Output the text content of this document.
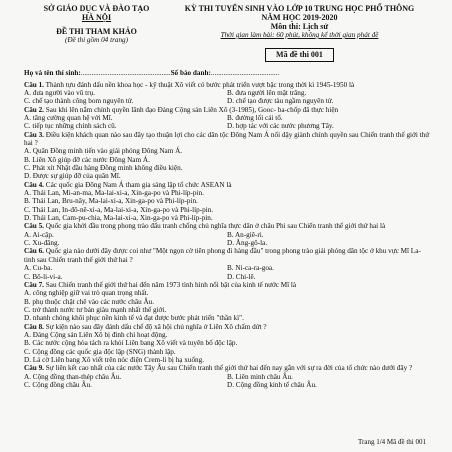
SỞ GIÁO DỤC VÀ ĐÀO TẠO
HÀ NỘI
ĐỀ THI THAM KHẢO
(Đề thi gồm 04 trang)
KỲ THI TUYỂN SINH VÀO LỚP 10 TRUNG HỌC PHỔ THÔNG
NĂM HỌC 2019-2020
Môn thi: Lịch sử
Thời gian làm bài: 60 phút, không kể thời gian phát đề
Mã đề thi 001
Họ và tên thí sinh: .................................................. Số báo danh: ......................................
Câu 1. Thành tựu đánh dấu nền khoa học - kỹ thuật Xô viết có bước phát triển vượt bậc trong thời kì 1945-1950 là
A. đưa người vào vũ trụ.	B. đưa người lên mặt trăng.
C. chế tạo thành công bom nguyên tử.	D. chế tạo được tàu ngầm nguyên tử.
Câu 2. Sau khi lên nắm chính quyền lãnh đạo Đảng Cộng sản Liên Xô (3-1985), Gooc- ba-chốp đã thực hiện
A. tăng cường quan hệ với Mĩ.	B. đường lối cải tổ.
C. tiếp tục những chính sách cũ.	D. hợp tác với các nước phương Tây.
Câu 3. Điều kiện khách quan nào sau đây tạo thuận lợi cho các dân tộc Đông Nam Á nổi dậy giành chính quyền sau Chiến tranh thế giới thứ hai ?
A. Quân Đồng minh tiến vào giải phóng Đông Nam Á.
B. Liên Xô giúp đỡ các nước Đông Nam Á.
C. Phát xít Nhật đầu hàng Đồng minh không điều kiện.
D. Được sự giúp đỡ của quân Mĩ.
Câu 4. Các quốc gia Đông Nam Á tham gia sáng lập tổ chức ASEAN là
A. Thái Lan, Mi-an-ma, Ma-lai-xi-a, Xin-ga-po và Phi-líp-pin.
B. Thái Lan, Bru-nây, Ma-lai-xi-a, Xin-ga-po và Phi-líp-pin.
C. Thái Lan, In-đô-nê-xi-a, Ma-lai-xi-a, Xin-ga-po và Phi-líp-pin.
D. Thái Lan, Cam-pu-chia, Ma-lai-xi-a, Xin-ga-po và Phi-líp-pin.
Câu 5. Quốc gia khởi đầu trong phong trào đấu tranh chống chủ nghĩa thực dân ở châu Phi sau Chiến tranh thế giới thứ hai là
A. Ai-cập.	B. An-giê-ri.
C. Xu-đăng.	D. Ăng-gô-la.
Câu 6. Quốc gia nào dưới đây được coi như "Một ngọn cờ tiên phong đi hàng đầu" trong phong trào giải phóng dân tộc ở khu vực Mĩ La-tinh sau Chiến tranh thế giới thứ hai ?
A. Cu-ba.	B. Ni-ca-ra-goa.
C. Bô-li-vi-a.	D. Chi-lê.
Câu 7. Sau Chiến tranh thế giới thứ hai đến năm 1973 tình hình nổi bật của kinh tế nước Mĩ là
A. công nghiệp giữ vai trò quan trọng nhất.
B. phụ thuộc chặt chẽ vào các nước châu Âu.
C. trở thành nước tư bản giàu mạnh nhất thế giới.
D. nhanh chóng khôi phục nền kinh tế và đạt được bước phát triển "thần kì".
Câu 8. Sự kiện nào sau đây đánh dấu chế độ xã hội chủ nghĩa ở Liên Xô chấm dứt ?
A. Đảng Cộng sản Liên Xô bị đình chỉ hoạt động.
B. Các nước cộng hòa tách ra khỏi Liên bang Xô viết và tuyên bố độc lập.
C. Cộng đồng các quốc gia độc lập (SNG) thành lập.
D. Lá cờ Liên bang Xô viết trên nóc điện Crem-li bị hạ xuống.
Câu 9. Sự liên kết cao nhất của các nước Tây Âu sau Chiến tranh thế giới thứ hai đến nay gắn với sự ra đời của tổ chức nào dưới đây ?
A. Cộng đồng than-thép châu Âu.	B. Liên minh châu Âu.
C. Cộng đồng châu Âu.	D. Cộng đồng kinh tế châu Âu.
Trang 1/4 Mã đề thi 001
